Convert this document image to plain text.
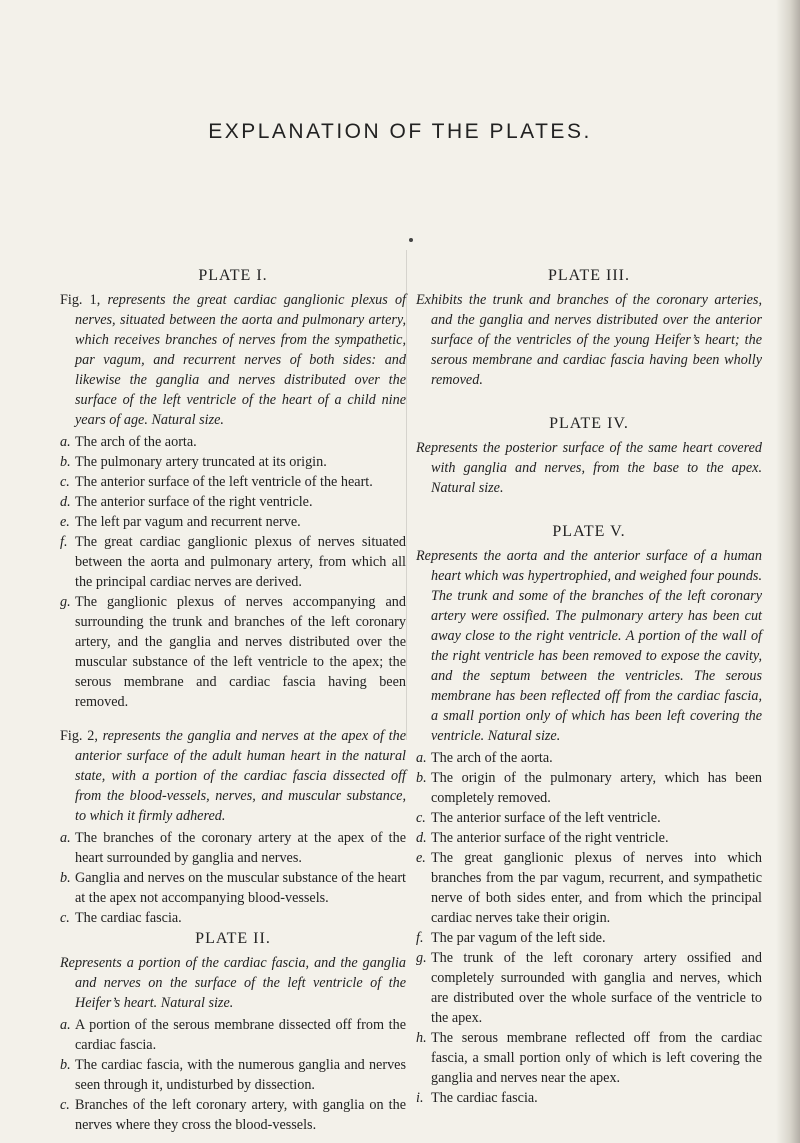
EXPLANATION OF THE PLATES.
PLATE I.

Fig. 1, represents the great cardiac ganglionic plexus of nerves, situated between the aorta and pulmonary artery, which receives branches of nerves from the sympathetic, par vagum, and recurrent nerves of both sides: and likewise the ganglia and nerves distributed over the surface of the left ventricle of the heart of a child nine years of age. Natural size.

a. The arch of the aorta.
b. The pulmonary artery truncated at its origin.
c. The anterior surface of the left ventricle of the heart.
d. The anterior surface of the right ventricle.
e. The left par vagum and recurrent nerve.
f. The great cardiac ganglionic plexus of nerves situated between the aorta and pulmonary artery, from which all the principal cardiac nerves are derived.
g. The ganglionic plexus of nerves accompanying and surrounding the trunk and branches of the left coronary artery, and the ganglia and nerves distributed over the muscular substance of the left ventricle to the apex; the serous membrane and cardiac fascia having been removed.

Fig. 2, represents the ganglia and nerves at the apex of the anterior surface of the adult human heart in the natural state, with a portion of the cardiac fascia dissected off from the blood-vessels, nerves, and muscular substance, to which it firmly adhered.

a. The branches of the coronary artery at the apex of the heart surrounded by ganglia and nerves.
b. Ganglia and nerves on the muscular substance of the heart at the apex not accompanying blood-vessels.
c. The cardiac fascia.
PLATE II.

Represents a portion of the cardiac fascia, and the ganglia and nerves on the surface of the left ventricle of the Heifer’s heart. Natural size.

a. A portion of the serous membrane dissected off from the cardiac fascia.
b. The cardiac fascia, with the numerous ganglia and nerves seen through it, undisturbed by dissection.
c. Branches of the left coronary artery, with ganglia on the nerves where they cross the blood-vessels.
PLATE III.

Exhibits the trunk and branches of the coronary arteries, and the ganglia and nerves distributed over the anterior surface of the ventricles of the young Heifer’s heart; the serous membrane and cardiac fascia having been wholly removed.

PLATE IV.

Represents the posterior surface of the same heart covered with ganglia and nerves, from the base to the apex. Natural size.

PLATE V.

Represents the aorta and the anterior surface of a human heart which was hypertrophied, and weighed four pounds. The trunk and some of the branches of the left coronary artery were ossified. The pulmonary artery has been cut away close to the right ventricle. A portion of the wall of the right ventricle has been removed to expose the cavity, and the septum between the ventricles. The serous membrane has been reflected off from the cardiac fascia, a small portion only of which has been left covering the ventricle. Natural size.

a. The arch of the aorta.
b. The origin of the pulmonary artery, which has been completely removed.
c. The anterior surface of the left ventricle.
d. The anterior surface of the right ventricle.
e. The great ganglionic plexus of nerves into which branches from the par vagum, recurrent, and sympathetic nerve of both sides enter, and from which the principal cardiac nerves take their origin.
f. The par vagum of the left side.
g. The trunk of the left coronary artery ossified and completely surrounded with ganglia and nerves, which are distributed over the whole surface of the ventricle to the apex.
h. The serous membrane reflected off from the cardiac fascia, a small portion only of which is left covering the ganglia and nerves near the apex.
i. The cardiac fascia.
